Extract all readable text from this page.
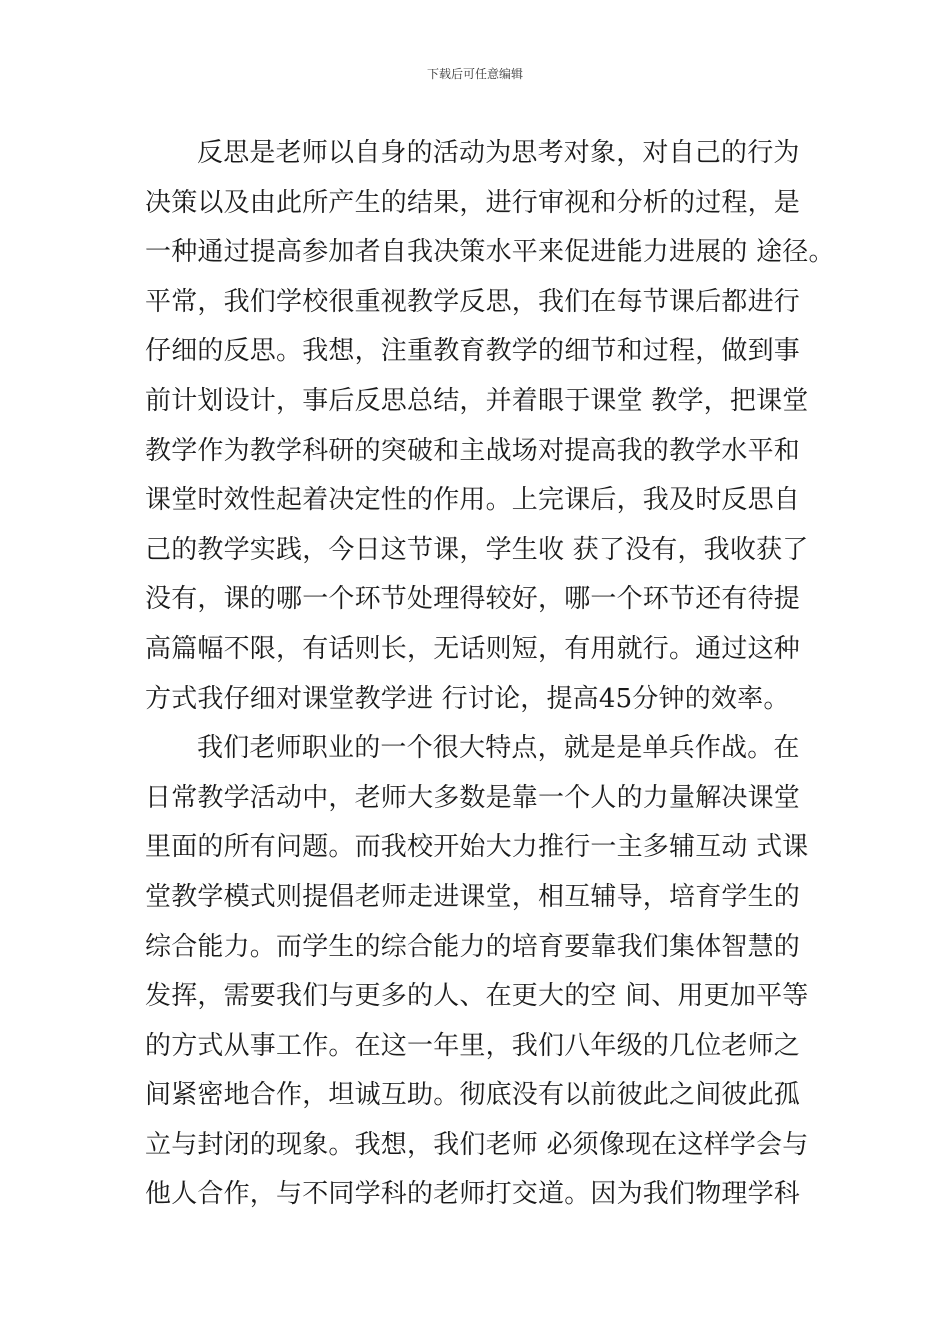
下载后可任意编辑
反思是老师以自身的活动为思考对象，对自己的行为
决策以及由此所产生的结果，进行审视和分析的过程，是
一种通过提高参加者自我决策水平来促进能力进展的 途径。
平常，我们学校很重视教学反思，我们在每节课后都进行
仔细的反思。我想，注重教育教学的细节和过程，做到事
前计划设计，事后反思总结，并着眼于课堂 教学，把课堂
教学作为教学科研的突破和主战场对提高我的教学水平和
课堂时效性起着决定性的作用。上完课后，我及时反思自
己的教学实践，今日这节课，学生收 获了没有，我收获了
没有，课的哪一个环节处理得较好，哪一个环节还有待提
高篇幅不限，有话则长，无话则短，有用就行。通过这种
方式我仔细对课堂教学进 行讨论，提高45分钟的效率。
我们老师职业的一个很大特点，就是是单兵作战。在
日常教学活动中，老师大多数是靠一个人的力量解决课堂
里面的所有问题。而我校开始大力推行一主多辅互动 式课
堂教学模式则提倡老师走进课堂，相互辅导，培育学生的
综合能力。而学生的综合能力的培育要靠我们集体智慧的
发挥，需要我们与更多的人、在更大的空 间、用更加平等
的方式从事工作。在这一年里，我们八年级的几位老师之
间紧密地合作，坦诚互助。彻底没有以前彼此之间彼此孤
立与封闭的现象。我想，我们老师 必须像现在这样学会与
他人合作，与不同学科的老师打交道。因为我们物理学科
